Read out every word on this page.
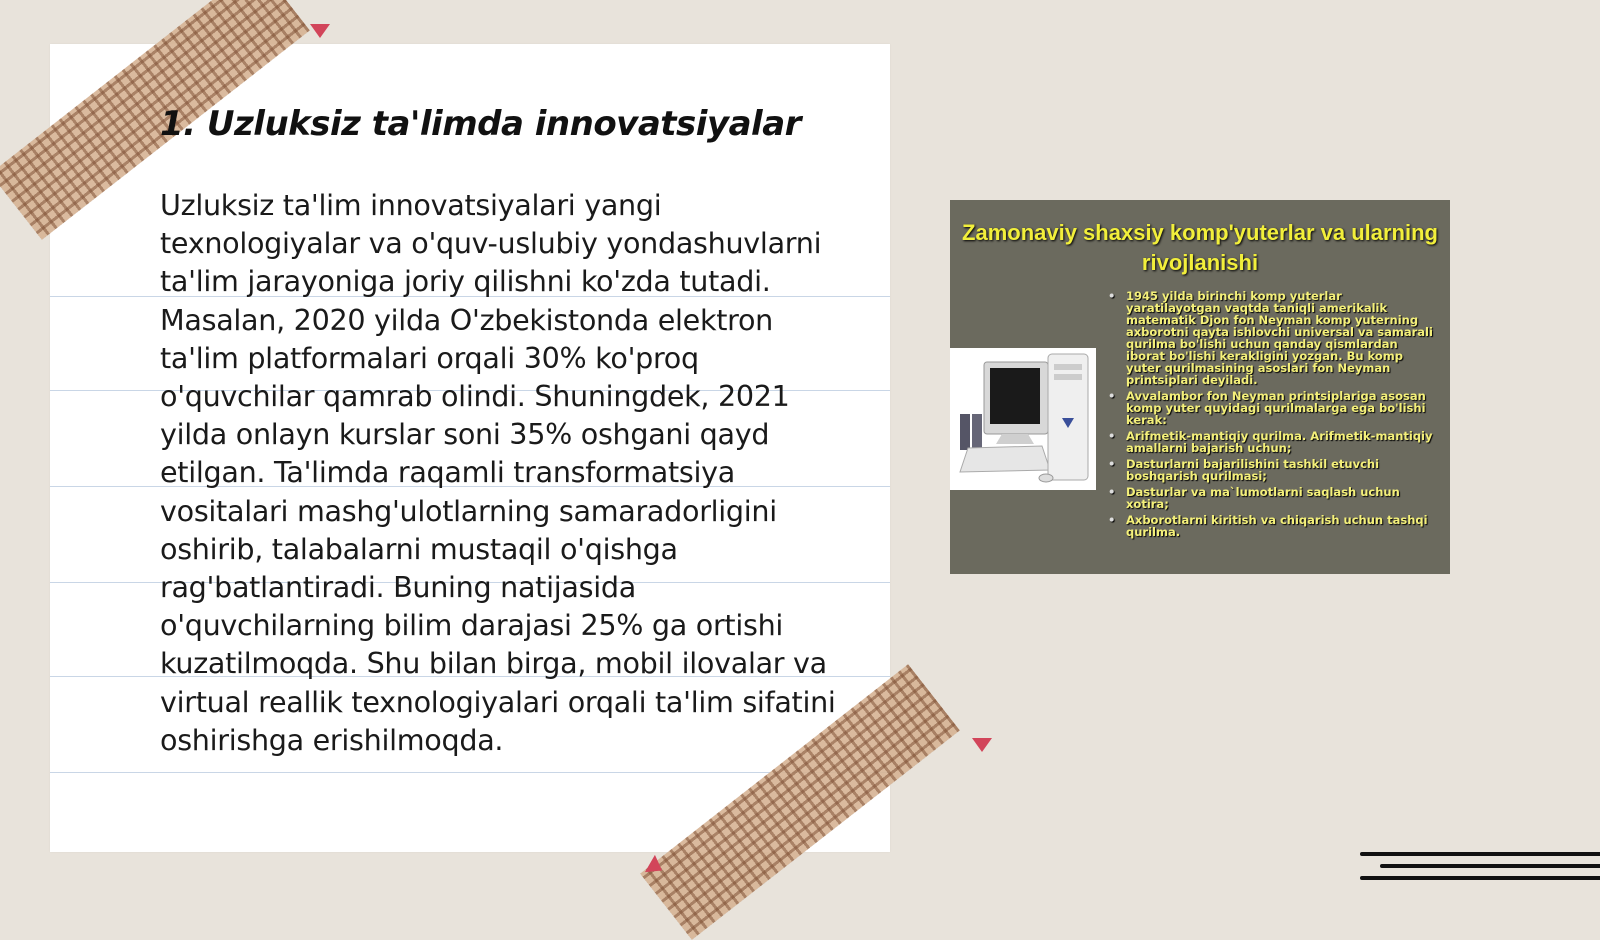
1. Uzluksiz ta'limda innovatsiyalar

Uzluksiz ta'lim innovatsiyalari yangi texnologiyalar va o'quv-uslubiy yondashuvlarni ta'lim jarayoniga joriy qilishni ko'zda tutadi. Masalan, 2020 yilda O'zbekistonda elektron ta'lim platformalari orqali 30% ko'proq o'quvchilar qamrab olindi. Shuningdek, 2021 yilda onlayn kurslar soni 35% oshgani qayd etilgan. Ta'limda raqamli transformatsiya vositalari mashg'ulotlarning samaradorligini oshirib, talabalarni mustaqil o'qishga rag'batlantiradi. Buning natijasida o'quvchilarning bilim darajasi 25% ga ortishi kuzatilmoqda. Shu bilan birga, mobil ilovalar va virtual reallik texnologiyalari orqali ta'lim sifatini oshirishga erishilmoqda.

Zamonaviy shaxsiy komp'yuterlar va ularning rivojlanishi
• 1945 yilda birinchi komp yuterlar yaratilayotgan vaqtda taniqli amerikalik matematik Djon fon Neyman komp yuterning axborotni qayta ishlovchi universal va samarali qurilma bo'lishi uchun qanday qismlardan iborat bo'lishi kerakligini yozgan. Bu komp yuter qurilmasining asoslari fon Neyman printsiplari deyiladi.
• Avvalambor fon Neyman printsiplariga asosan komp yuter quyidagi qurilmalarga ega bo'lishi kerak:
• Arifmetik-mantiqiy qurilma. Arifmetik-mantiqiy amallarni bajarish uchun;
• Dasturlarni bajarilishini tashkil etuvchi boshqarish qurilmasi;
• Dasturlar va ma`lumotlarni saqlash uchun xotira;
• Axborotlarni kiritish va chiqarish uchun tashqi qurilma.
